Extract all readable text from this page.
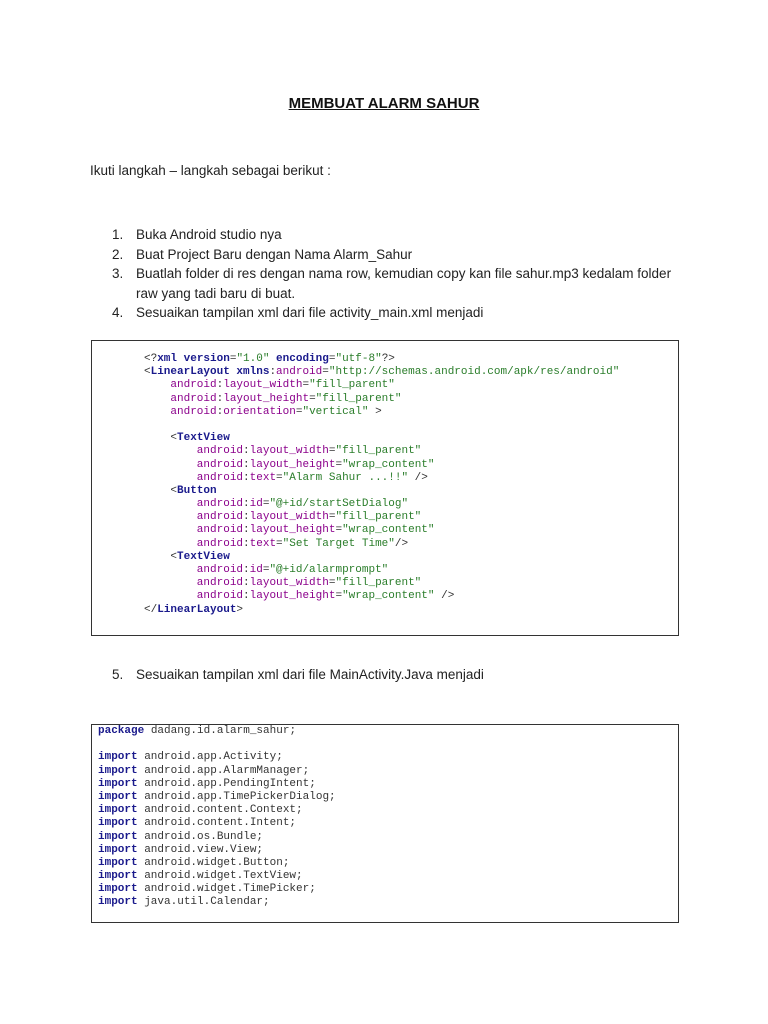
MEMBUAT ALARM SAHUR
Ikuti langkah – langkah sebagai berikut :
1. Buka Android studio nya
2. Buat Project Baru dengan Nama Alarm_Sahur
3. Buatlah folder di res dengan nama row, kemudian copy kan file sahur.mp3 kedalam folder raw yang tadi baru di buat.
4. Sesuaikan tampilan xml dari file activity_main.xml menjadi
<?xml version="1.0" encoding="utf-8"?>
<LinearLayout xmlns:android="http://schemas.android.com/apk/res/android"
android:layout_width="fill_parent"
android:layout_height="fill_parent"
android:orientation="vertical" >
<TextView
android:layout_width="fill_parent"
android:layout_height="wrap_content"
android:text="Alarm Sahur ...!!" />
<Button
android:id="@+id/startSetDialog"
android:layout_width="fill_parent"
android:layout_height="wrap_content"
android:text="Set Target Time"/>
<TextView
android:id="@+id/alarmprompt"
android:layout_width="fill_parent"
android:layout_height="wrap_content" />
</LinearLayout>
5. Sesuaikan tampilan xml dari file MainActivity.Java menjadi
package dadang.id.alarm_sahur;
import android.app.Activity;
import android.app.AlarmManager;
import android.app.PendingIntent;
import android.app.TimePickerDialog;
import android.content.Context;
import android.content.Intent;
import android.os.Bundle;
import android.view.View;
import android.widget.Button;
import android.widget.TextView;
import android.widget.TimePicker;
import java.util.Calendar;
